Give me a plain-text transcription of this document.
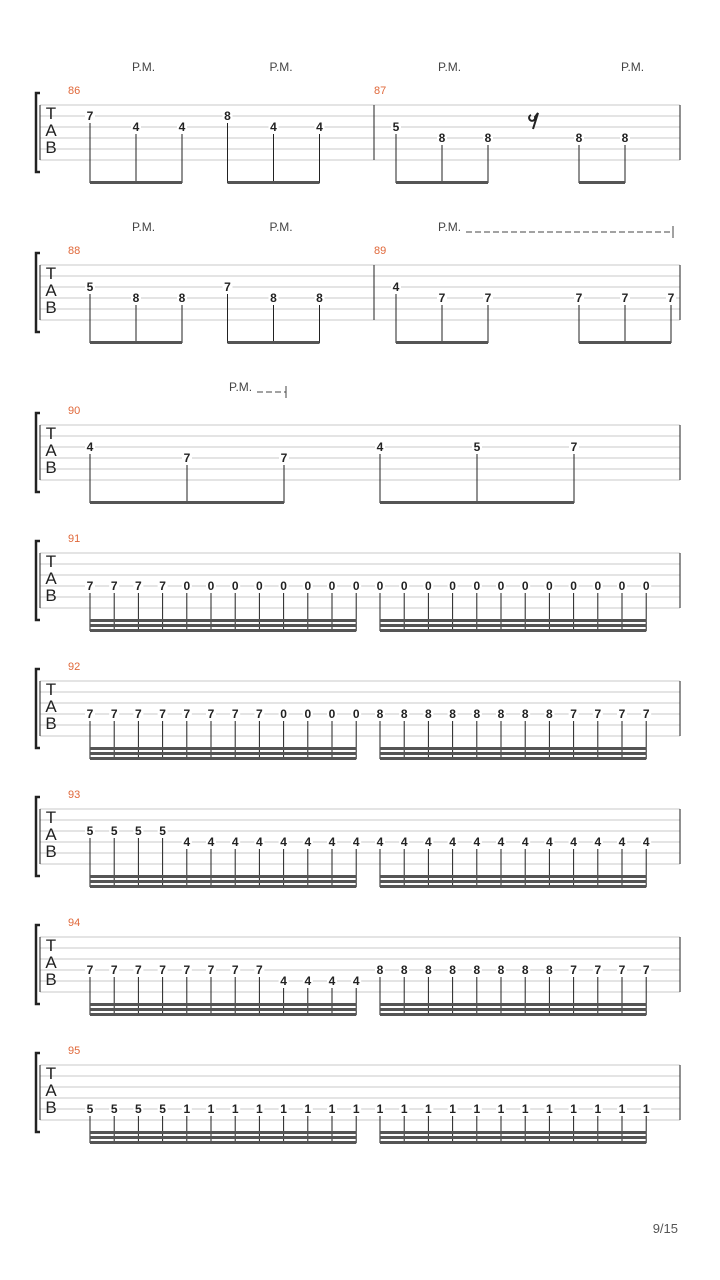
T
A
B
86
7
4	4
8
4	4
87
5
8	8	8	8
P.M.	P.M.	P.M.	P.M.
T
A
B
88
5
8	8
7
8	8
89
4
7	7	7	7	7
P.M.	P.M.	P.M.
T
A
B
90
4
7	7
4	5	7
P.M.
T
A
B
91
7 7 7 7 0 0 0 0 0 0 0 0 0 0 0 0 0 0 0 0 0 0 0 0
T
A
B
92
7 7 7 7 7 7 7 7 0 0 0 0 8 8 8 8 8 8 8 8 7 7 7 7
T
A
B
93
5 5 5 5
4 4 4 4 4 4 4 4 4 4 4 4 4 4 4 4 4 4 4 4
T
A
B
94
7 7 7 7 7 7 7 7
4 4 4 4
8 8 8 8 8 8 8 8 7 7 7 7
T
A
B
95
5 5 5 5 1 1 1 1 1 1 1 1 1 1 1 1 1 1 1 1 1 1 1 1
9/15
